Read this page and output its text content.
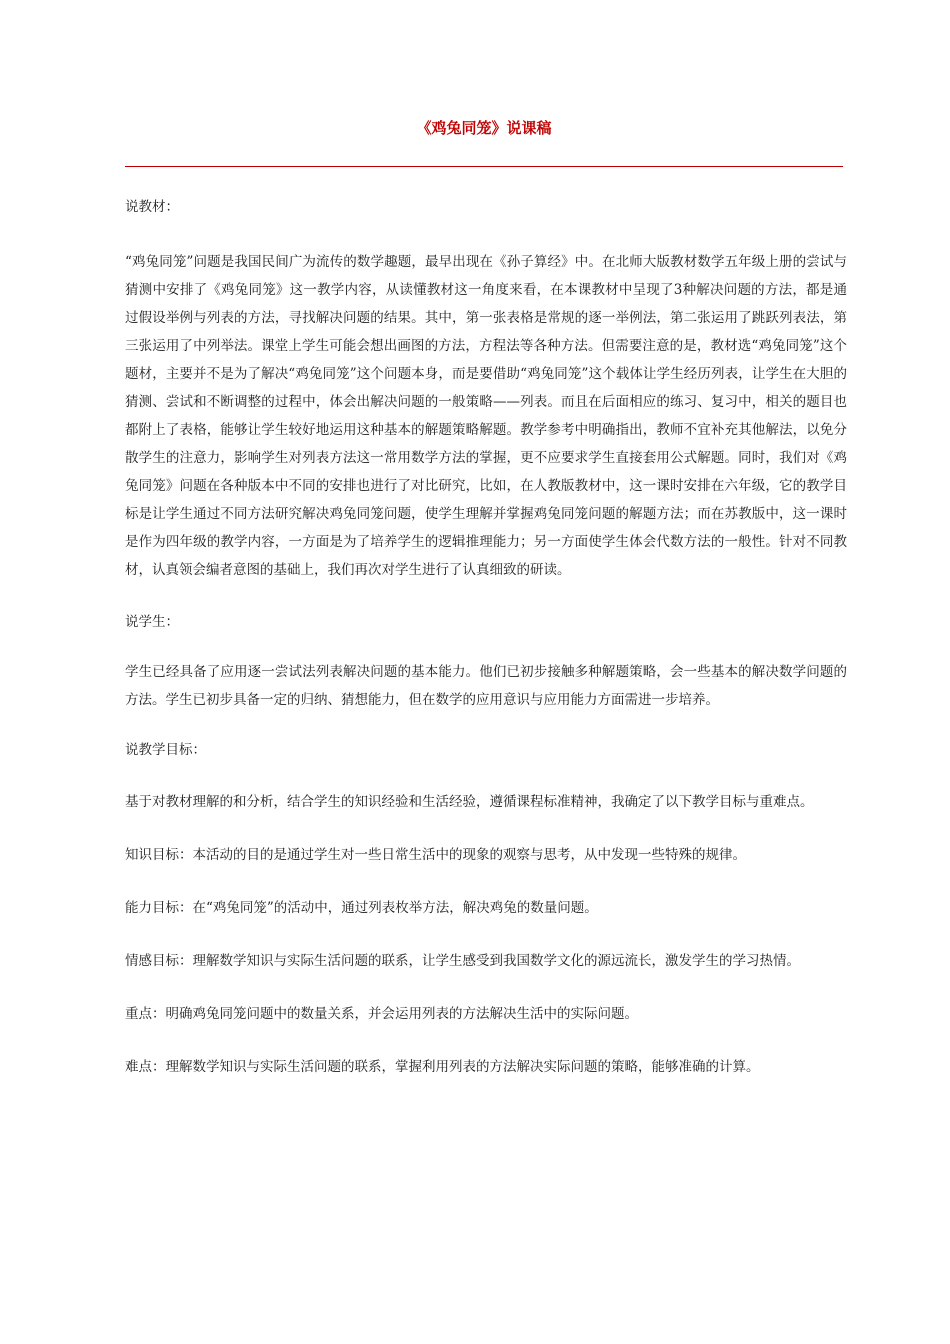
《鸡兔同笼》说课稿

说教材：

“鸡兔同笼”问题是我国民间广为流传的数学趣题，最早出现在《孙子算经》中。在北师大版教材数学五年级上册的尝试与猜测中安排了《鸡兔同笼》这一教学内容，从读懂教材这一角度来看，在本课教材中呈现了3种解决问题的方法，都是通过假设举例与列表的方法，寻找解决问题的结果。其中，第一张表格是常规的逐一举例法，第二张运用了跳跃列表法，第三张运用了中列举法。课堂上学生可能会想出画图的方法，方程法等各种方法。但需要注意的是，教材选“鸡兔同笼”这个题材，主要并不是为了解决“鸡兔同笼”这个问题本身，而是要借助“鸡兔同笼”这个载体让学生经历列表，让学生在大胆的猜测、尝试和不断调整的过程中，体会出解决问题的一般策略——列表。而且在后面相应的练习、复习中，相关的题目也都附上了表格，能够让学生较好地运用这种基本的解题策略解题。教学参考中明确指出，教师不宜补充其他解法，以免分散学生的注意力，影响学生对列表方法这一常用数学方法的掌握，更不应要求学生直接套用公式解题。同时，我们对《鸡兔同笼》问题在各种版本中不同的安排也进行了对比研究，比如，在人教版教材中，这一课时安排在六年级，它的教学目标是让学生通过不同方法研究解决鸡兔同笼问题，使学生理解并掌握鸡兔同笼问题的解题方法；而在苏教版中，这一课时是作为四年级的教学内容，一方面是为了培养学生的逻辑推理能力；另一方面使学生体会代数方法的一般性。针对不同教材，认真领会编者意图的基础上，我们再次对学生进行了认真细致的研读。

说学生：

学生已经具备了应用逐一尝试法列表解决问题的基本能力。他们已初步接触多种解题策略，会一些基本的解决数学问题的方法。学生已初步具备一定的归纳、猜想能力，但在数学的应用意识与应用能力方面需进一步培养。

说教学目标：

基于对教材理解的和分析，结合学生的知识经验和生活经验，遵循课程标准精神，我确定了以下教学目标与重难点。

知识目标：本活动的目的是通过学生对一些日常生活中的现象的观察与思考，从中发现一些特殊的规律。

能力目标：在“鸡兔同笼”的活动中，通过列表枚举方法，解决鸡兔的数量问题。

情感目标：理解数学知识与实际生活问题的联系，让学生感受到我国数学文化的源远流长，激发学生的学习热情。

重点：明确鸡兔同笼问题中的数量关系，并会运用列表的方法解决生活中的实际问题。

难点：理解数学知识与实际生活问题的联系，掌握利用列表的方法解决实际问题的策略，能够准确的计算。
